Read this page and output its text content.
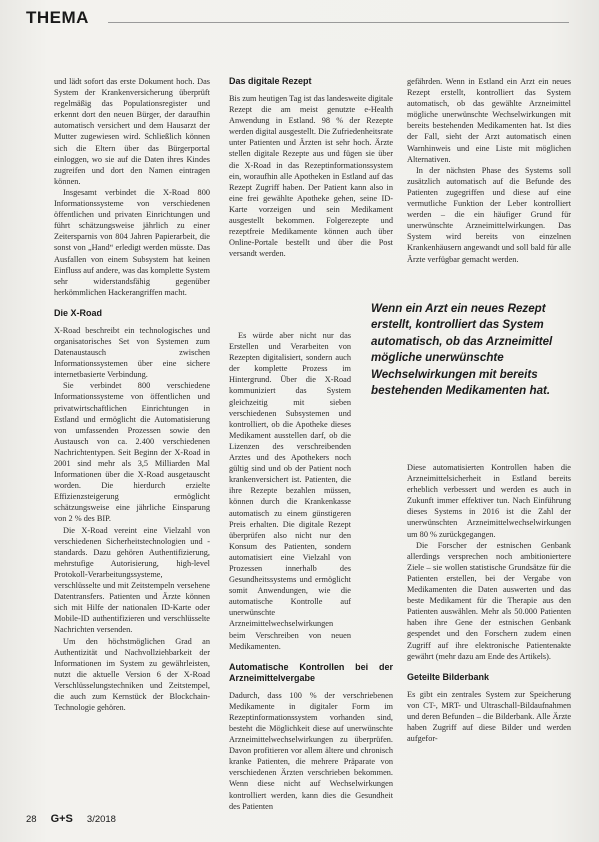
THEMA

und lädt sofort das erste Dokument hoch. Das System der Krankenversicherung überprüft regelmäßig das Populationsregister und erkennt dort den neuen Bürger, der daraufhin automatisch versichert und dem Hausarzt der Mutter zugewiesen wird. Schließlich können sich die Eltern über das Bürgerportal einloggen, wo sie auf die Daten ihres Kindes zugreifen und dort den Namen eintragen können.

Insgesamt verbindet die X-Road 800 Informationssysteme von verschiedenen öffentlichen und privaten Einrichtungen und führt schätzungsweise jährlich zu einer Zeitersparnis von 804 Jahren Papierarbeit, die sonst von „Hand“ erledigt werden müsste. Das Ausfallen von einem Subsystem hat keinen Einfluss auf andere, was das komplette System sehr widerstandsfähig gegenüber herkömmlichen Hackerangriffen macht.

Die X-Road

X-Road beschreibt ein technologisches und organisatorisches Set von Systemen zum Datenaustausch zwischen Informationssystemen über eine sichere internetbasierte Verbindung.

Sie verbindet 800 verschiedene Informationssysteme von öffentlichen und privatwirtschaftlichen Einrichtungen in Estland und ermöglicht die Automatisierung von umfassenden Prozessen sowie den Austausch von ca. 2.400 verschiedenen Nachrichtentypen. Seit Beginn der X-Road in 2001 sind mehr als 3,5 Milliarden Mal Informationen über die X-Road ausgetauscht worden. Die hierdurch erzielte Effizienzsteigerung ermöglicht schätzungsweise eine jährliche Einsparung von 2 % des BIP.

Die X-Road vereint eine Vielzahl von verschiedenen Sicherheitstechnologien und -standards. Dazu gehören Authentifizierung, mehrstufige Autorisierung, high-level Protokoll-Verarbeitungssysteme, verschlüsselte und mit Zeitstempeln versehene Datentransfers. Patienten und Ärzte können sich mit Hilfe der nationalen ID-Karte oder Mobile-ID authentifizieren und verschlüsselte Nachrichten versenden.

Um den höchstmöglichen Grad an Authentizität und Nachvollziehbarkeit der Informationen im System zu gewährleisten, nutzt die aktuelle Version 6 der X-Road Verschlüsselungstechniken und Zeitstempel, die auch zum Kernstück der Blockchain-Technologie gehören.

Das digitale Rezept

Bis zum heutigen Tag ist das landesweite digitale Rezept die am meist genutzte e-Health Anwendung in Estland. 98 % der Rezepte werden digital ausgestellt. Die Zufriedenheitsrate unter Patienten und Ärzten ist sehr hoch. Ärzte stellen digitale Rezepte aus und fügen sie über die X-Road in das Rezeptinformationssystem ein, woraufhin alle Apotheken in Estland auf das Rezept Zugriff haben. Der Patient kann also in eine frei gewählte Apotheke gehen, seine ID-Karte vorzeigen und sein Medikament ausgestellt bekommen. Folgerezepte und rezeptfreie Medikamente können auch über Online-Portale bestellt und über die Post versandt werden.

Es würde aber nicht nur das Erstellen und Verarbeiten von Rezepten digitalisiert, sondern auch der komplette Prozess im Hintergrund. Über die X-Road kommuniziert das System gleichzeitig mit sieben verschiedenen Subsystemen und kontrolliert, ob die Apotheke dieses Medikament ausstellen darf, ob die Lizenzen des verschreibenden Arztes und des Apothekers noch gültig sind und ob der Patient noch krankenversichert ist. Patienten, die ihre Rezepte bezahlen müssen, können durch die Krankenkasse automatisch zu einem günstigeren Preis erhalten. Die digitale Rezept überprüfen also nicht nur den Konsum des Patienten, sondern automatisiert eine Vielzahl von Prozessen innerhalb des Gesundheitssystems und ermöglicht somit Anwendungen, wie die automatische Kontrolle auf unerwünschte Arzneimittelwechselwirkungen beim Verschreiben von neuen Medikamenten.

Automatische Kontrollen bei der Arzneimittelvergabe

Dadurch, dass 100 % der verschriebenen Medikamente in digitaler Form im Rezeptinformationssystem vorhanden sind, besteht die Möglichkeit diese auf unerwünschte Arzneimittelwechselwirkungen zu überprüfen. Davon profitieren vor allem ältere und chronisch kranke Patienten, die mehrere Präparate von verschiedenen Ärzten verschrieben bekommen. Wenn diese nicht auf Wechselwirkungen kontrolliert werden, kann dies die Gesundheit des Patienten

gefährden. Wenn in Estland ein Arzt ein neues Rezept erstellt, kontrolliert das System automatisch, ob das gewählte Arzneimittel mögliche unerwünschte Wechselwirkungen mit bereits bestehenden Medikamenten hat. Ist dies der Fall, sieht der Arzt automatisch einen Warnhinweis und eine Liste mit möglichen Alternativen.

In der nächsten Phase des Systems soll zusätzlich automatisch auf die Befunde des Patienten zugegriffen und diese auf eine vermutliche Funktion der Leber kontrolliert werden – die ein häufiger Grund für unerwünschte Arzneimittelwirkungen. Das System wird bereits von einzelnen Krankenhäusern angewandt und soll bald für alle Ärzte verfügbar gemacht werden.

Wenn ein Arzt ein neues Rezept erstellt, kontrolliert das System automatisch, ob das Arzneimittel mögliche unerwünschte Wechselwirkungen mit bereits bestehenden Medikamenten hat.

Diese automatisierten Kontrollen haben die Arzneimittelsicherheit in Estland bereits erheblich verbessert und werden es auch in Zukunft immer effektiver tun. Nach Einführung dieses Systems in 2016 ist die Zahl der unerwünschten Arzneimittelwechselwirkungen um 80 % zurückgegangen.

Die Forscher der estnischen Genbank allerdings versprechen noch ambitioniertere Ziele – sie wollen statistische Grundsätze für die Patienten erstellen, bei der Vergabe von Medikamenten die Daten auswerten und das beste Medikament für die Therapie aus den Patienten auswählen. Mehr als 50.000 Patienten haben ihre Gene der estnischen Genbank gespendet und den Forschern zudem einen Zugriff auf ihre elektronische Patientenakte gewährt (mehr dazu am Ende des Artikels).

Geteilte Bilderbank

Es gibt ein zentrales System zur Speicherung von CT-, MRT- und Ultraschall-Bildaufnahmen und deren Befunden – die Bilderbank. Alle Ärzte haben Zugriff auf diese Bilder und werden aufgefor-

28 G+S 3/2018
